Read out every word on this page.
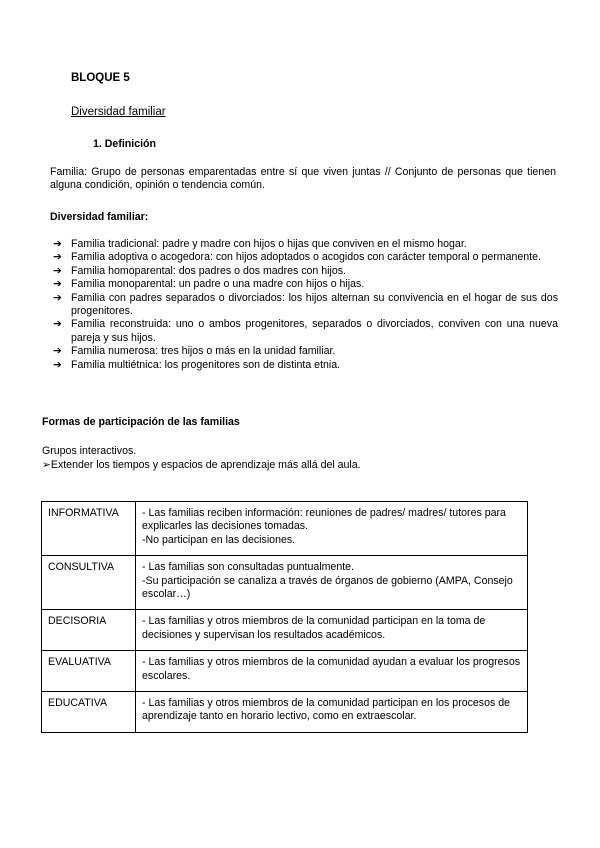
BLOQUE 5
Diversidad familiar
1. Definición
Familia: Grupo de personas emparentadas entre sí que viven juntas // Conjunto de personas que tienen alguna condición, opinión o tendencia común.
Diversidad familiar:
➔ Familia tradicional: padre y madre con hijos o hijas que conviven en el mismo hogar.
➔ Familia adoptiva o acogedora: con hijos adoptados o acogidos con carácter temporal o permanente.
➔ Familia homoparental: dos padres o dos madres con hijos.
➔ Familia monoparental: un padre o una madre con hijos o hijas.
➔ Familia con padres separados o divorciados: los hijos alternan su convivencia en el hogar de sus dos progenitores.
➔ Familia reconstruida: uno o ambos progenitores, separados o divorciados, conviven con una nueva pareja y sus hijos.
➔ Familia numerosa: tres hijos o más en la unidad familiar.
➔ Familia multiétnica: los progenitores son de distinta etnia.
Formas de participación de las familias
Grupos interactivos.
➢Extender los tiempos y espacios de aprendizaje más allá del aula.
INFORMATIVA	- Las familias reciben información: reuniones de padres/ madres/ tutores para explicarles las decisiones tomadas.
-No participan en las decisiones.

CONSULTIVA	- Las familias son consultadas puntualmente.
-Su participación se canaliza a través de órganos de gobierno (AMPA, Consejo escolar…)

DECISORIA	- Las familias y otros miembros de la comunidad participan en la toma de decisiones y supervisan los resultados académicos.

EVALUATIVA	- Las familias y otros miembros de la comunidad ayudan a evaluar los progresos escolares.

EDUCATIVA	- Las familias y otros miembros de la comunidad participan en los procesos de aprendizaje tanto en horario lectivo, como en extraescolar.
